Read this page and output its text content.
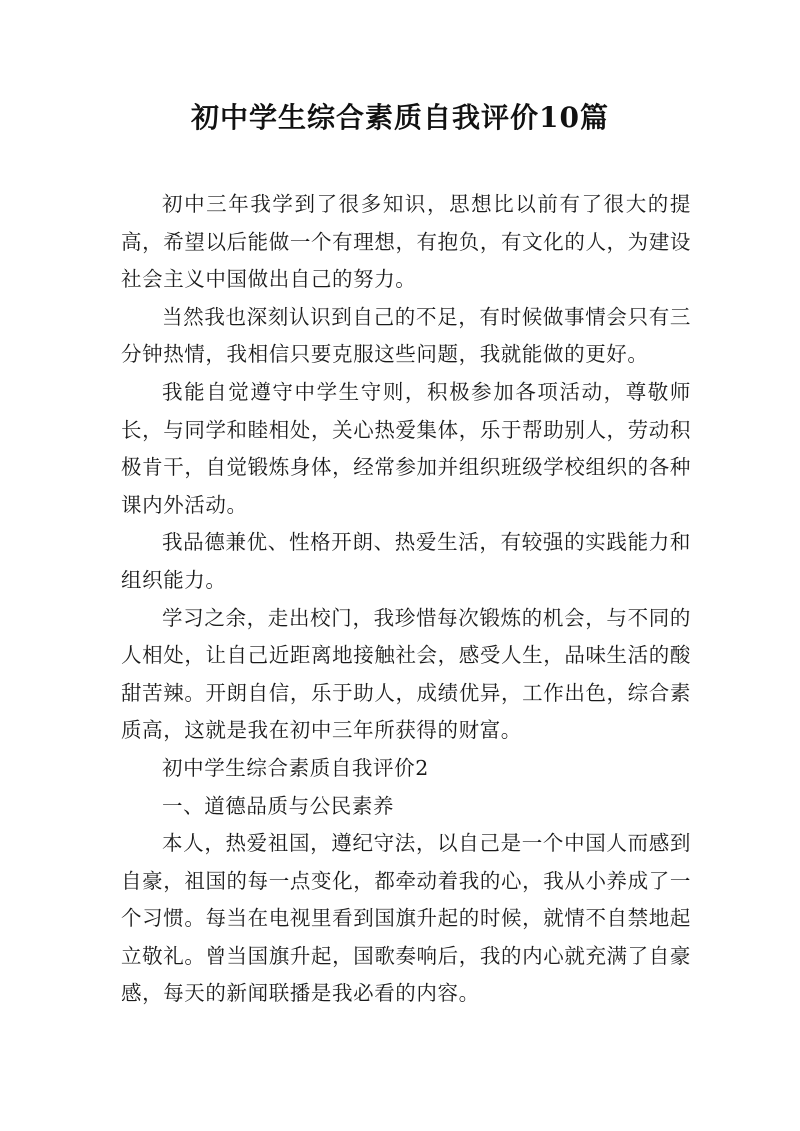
初中学生综合素质自我评价10篇

初中三年我学到了很多知识，思想比以前有了很大的提高，希望以后能做一个有理想，有抱负，有文化的人，为建设社会主义中国做出自己的努力。

当然我也深刻认识到自己的不足，有时候做事情会只有三分钟热情，我相信只要克服这些问题，我就能做的更好。

我能自觉遵守中学生守则，积极参加各项活动，尊敬师长，与同学和睦相处，关心热爱集体，乐于帮助别人，劳动积极肯干，自觉锻炼身体，经常参加并组织班级学校组织的各种课内外活动。

我品德兼优、性格开朗、热爱生活，有较强的实践能力和组织能力。

学习之余，走出校门，我珍惜每次锻炼的机会，与不同的人相处，让自己近距离地接触社会，感受人生，品味生活的酸甜苦辣。开朗自信，乐于助人，成绩优异，工作出色，综合素质高，这就是我在初中三年所获得的财富。

初中学生综合素质自我评价2

一、道德品质与公民素养

本人，热爱祖国，遵纪守法，以自己是一个中国人而感到自豪，祖国的每一点变化，都牵动着我的心，我从小养成了一个习惯。每当在电视里看到国旗升起的时候，就情不自禁地起立敬礼。曾当国旗升起，国歌奏响后，我的内心就充满了自豪感，每天的新闻联播是我必看的内容。
